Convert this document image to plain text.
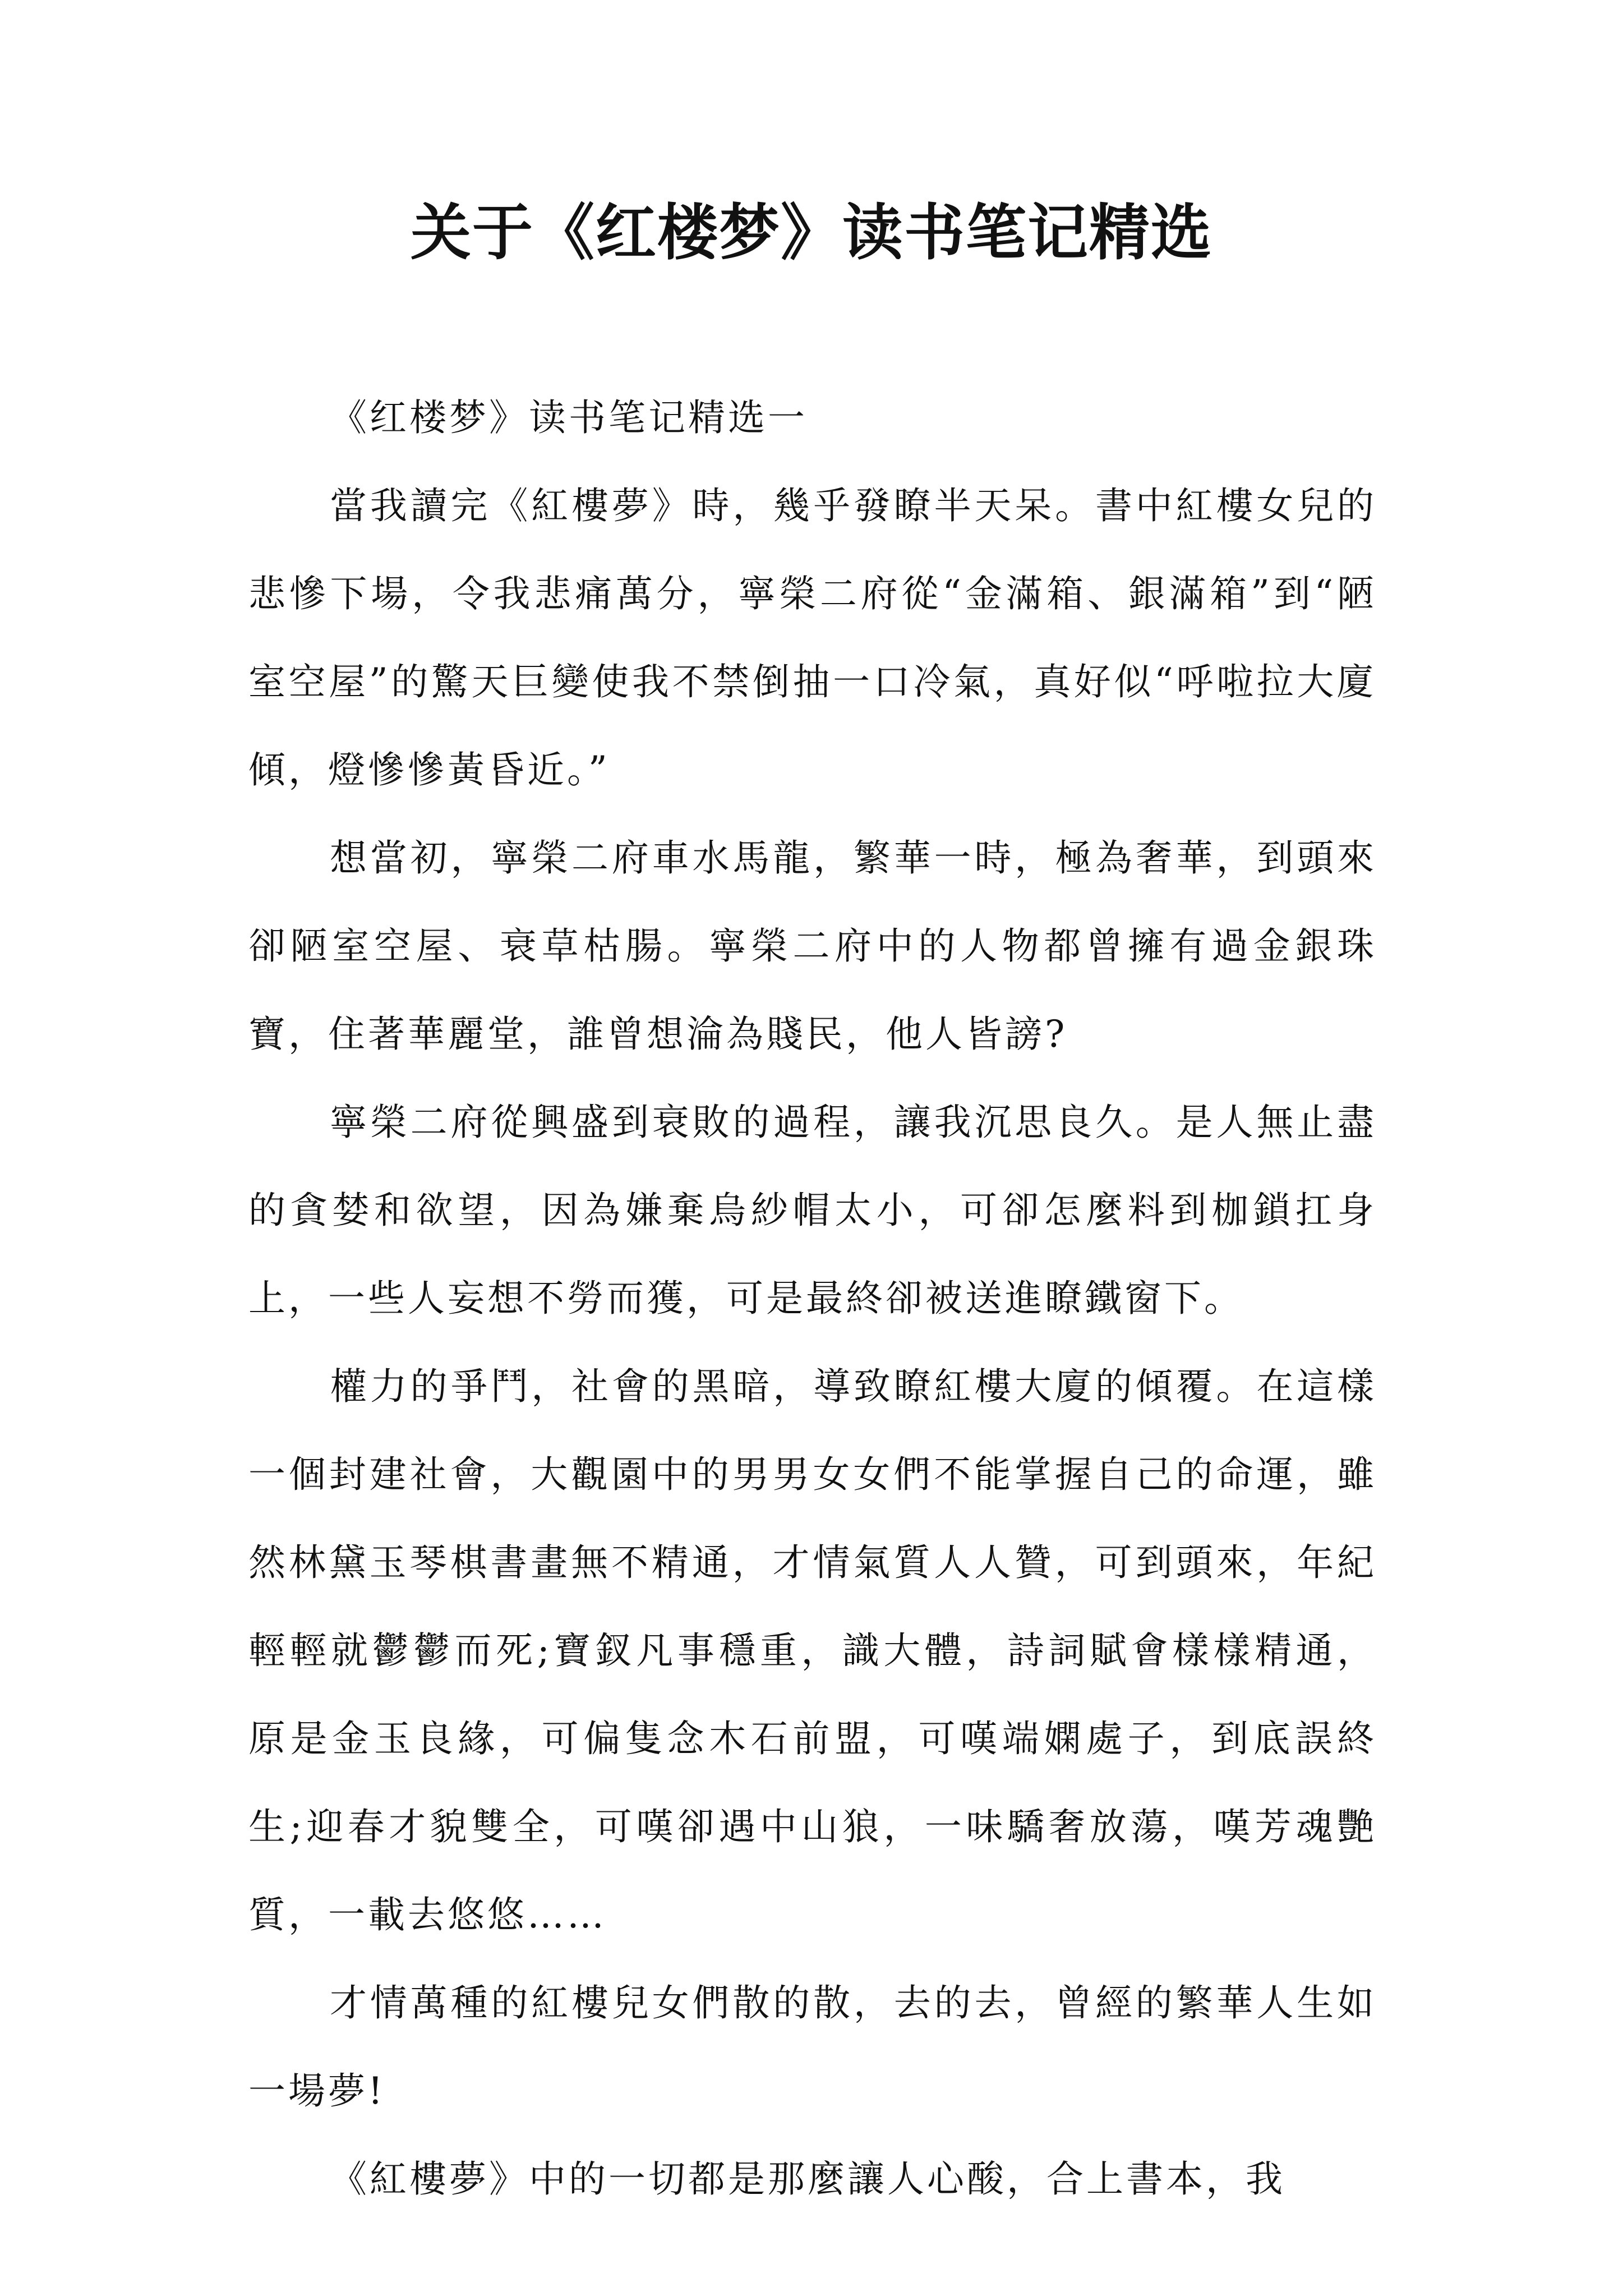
关于《红楼梦》读书笔记精选

《红楼梦》读书笔记精选一

當我讀完《紅樓夢》時，幾乎發瞭半天呆。書中紅樓女兒的悲慘下場，令我悲痛萬分，寧榮二府從“金滿箱、銀滿箱”到“陋室空屋”的驚天巨變使我不禁倒抽一口冷氣，真好似“呼啦拉大廈傾，燈慘慘黃昏近。”

想當初，寧榮二府車水馬龍，繁華一時，極為奢華，到頭來卻陋室空屋、衰草枯腸。寧榮二府中的人物都曾擁有過金銀珠寶，住著華麗堂，誰曾想淪為賤民，他人皆謗?

寧榮二府從興盛到衰敗的過程，讓我沉思良久。是人無止盡的貪婪和欲望，因為嫌棄烏紗帽太小，可卻怎麼料到枷鎖扛身上，一些人妄想不勞而獲，可是最終卻被送進瞭鐵窗下。

權力的爭鬥，社會的黑暗，導致瞭紅樓大廈的傾覆。在這樣一個封建社會，大觀園中的男男女女們不能掌握自己的命運，雖然林黛玉琴棋書畫無不精通，才情氣質人人贊，可到頭來，年紀輕輕就鬱鬱而死;寶釵凡事穩重，識大體，詩詞賦會樣樣精通，原是金玉良緣，可偏隻念木石前盟，可嘆端嫻處子，到底誤終生;迎春才貌雙全，可嘆卻遇中山狼，一味驕奢放蕩，嘆芳魂艷質，一載去悠悠……

才情萬種的紅樓兒女們散的散，去的去，曾經的繁華人生如一場夢!

《紅樓夢》中的一切都是那麼讓人心酸，合上書本，我
